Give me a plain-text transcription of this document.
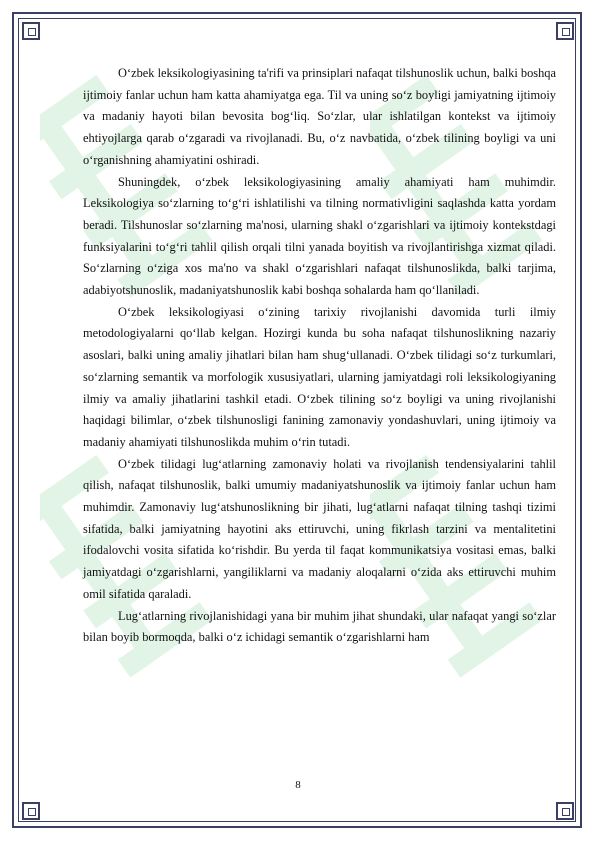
O‘zbek leksikologiyasining ta'rifi va prinsiplari nafaqat tilshunoslik uchun, balki boshqa ijtimoiy fanlar uchun ham katta ahamiyatga ega. Til va uning so‘z boyligi jamiyatning ijtimoiy va madaniy hayoti bilan bevosita bog‘liq. So‘zlar, ular ishlatilgan kontekst va ijtimoiy ehtiyojlarga qarab o‘zgaradi va rivojlanadi. Bu, o‘z navbatida, o‘zbek tilining boyligi va uni o‘rganishning ahamiyatini oshiradi.

Shuningdek, o‘zbek leksikologiyasining amaliy ahamiyati ham muhimdir. Leksikologiya so‘zlarning to‘g‘ri ishlatilishi va tilning normativligini saqlashda katta yordam beradi. Tilshunoslar so‘zlarning ma'nosi, ularning shakl o‘zgarishlari va ijtimoiy kontekstdagi funksiyalarini to‘g‘ri tahlil qilish orqali tilni yanada boyitish va rivojlantirishga xizmat qiladi. So‘zlarning o‘ziga xos ma'no va shakl o‘zgarishlari nafaqat tilshunoslikda, balki tarjima, adabiyotshunoslik, madaniyatshunoslik kabi boshqa sohalarda ham qo‘llaniladi.

O‘zbek leksikologiyasi o‘zining tarixiy rivojlanishi davomida turli ilmiy metodologiyalarni qo‘llab kelgan. Hozirgi kunda bu soha nafaqat tilshunoslikning nazariy asoslari, balki uning amaliy jihatlari bilan ham shug‘ullanadi. O‘zbek tilidagi so‘z turkumlari, so‘zlarning semantik va morfologik xususiyatlari, ularning jamiyatdagi roli leksikologiyaning ilmiy va amaliy jihatlarini tashkil etadi. O‘zbek tilining so‘z boyligi va uning rivojlanishi haqidagi bilimlar, o‘zbek tilshunosligi fanining zamonaviy yondashuvlari, uning ijtimoiy va madaniy ahamiyati tilshunoslikda muhim o‘rin tutadi.

O‘zbek tilidagi lug‘atlarning zamonaviy holati va rivojlanish tendensiyalarini tahlil qilish, nafaqat tilshunoslik, balki umumiy madaniyatshunoslik va ijtimoiy fanlar uchun ham muhimdir. Zamonaviy lug‘atshunoslikning bir jihati, lug‘atlarni nafaqat tilning tashqi tizimi sifatida, balki jamiyatning hayotini aks ettiruvchi, uning fikrlash tarzini va mentalitetini ifodalovchi vosita sifatida ko‘rishdir. Bu yerda til faqat kommunikatsiya vositasi emas, balki jamiyatdagi o‘zgarishlarni, yangiliklarni va madaniy aloqalarni o‘zida aks ettiruvchi muhim omil sifatida qaraladi.

Lug‘atlarning rivojlanishidagi yana bir muhim jihat shundaki, ular nafaqat yangi so‘zlar bilan boyib bormoqda, balki o‘z ichidagi semantik o‘zgarishlarni ham

8
